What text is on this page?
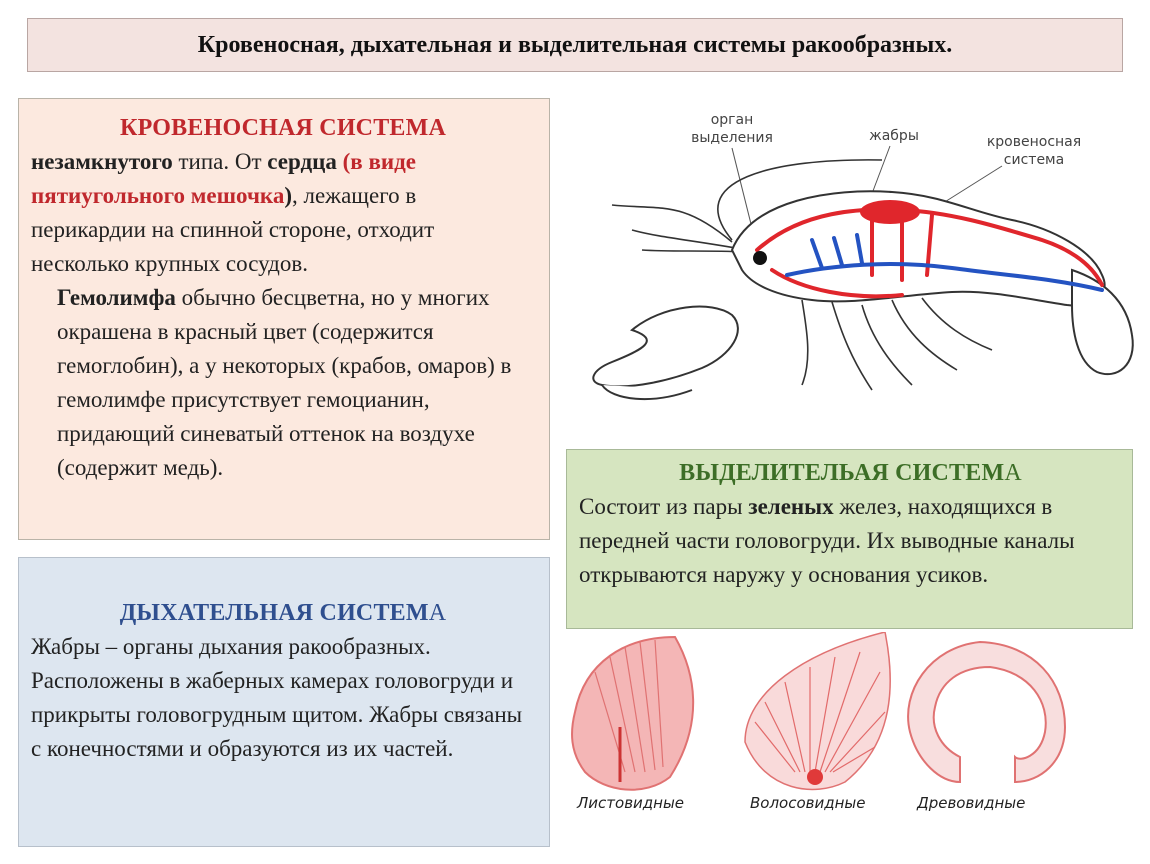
Кровеносная, дыхательная и выделительная системы ракообразных.
КРОВЕНОСНАЯ СИСТЕМА

незамкнутого типа. От сердца (в виде пятиугольного мешочка), лежащего в перикардии на спинной стороне, отходит несколько крупных сосудов.

Гемолимфа обычно бесцветна, но у многих окрашена в красный цвет (содержится гемоглобин), а у некоторых (крабов, омаров) в гемолимфе присутствует гемоцианин, придающий синеватый оттенок на воздухе (содержит медь).

ДЫХАТЕЛЬНАЯ СИСТЕМА

Жабры – органы дыхания ракообразных. Расположены в жаберных камерах головогруди и прикрыты головогрудным щитом. Жабры связаны с конечностями и образуются из их частей.

ВЫДЕЛИТЕЛЬАЯ СИСТЕМА

Состоит из пары зеленых желез, находящихся в передней части головогруди. Их выводные каналы открываются наружу у основания усиков.

орган
выделения	жабры	кровеносная
система
Листовидные	Волосовидные	Древовидные
